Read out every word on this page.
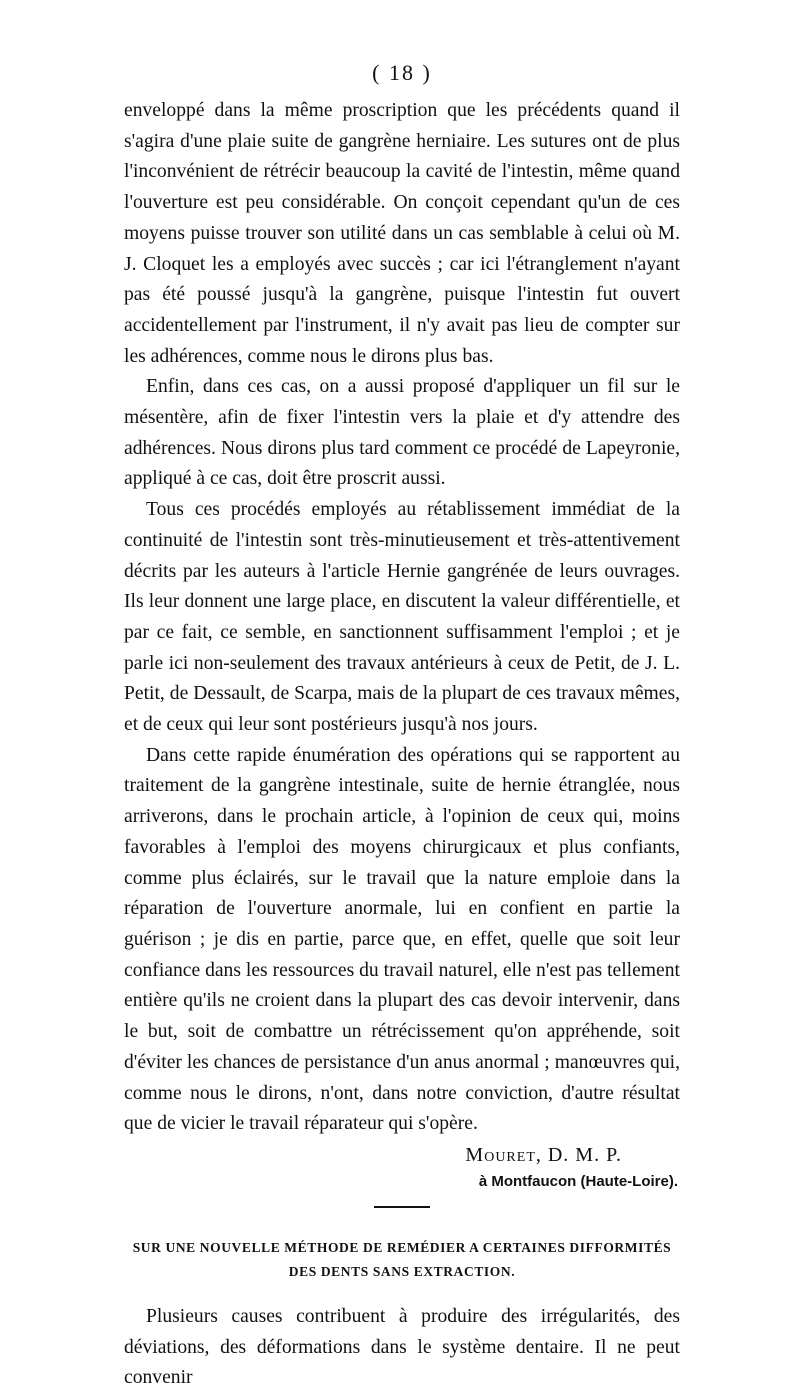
( 18 )

enveloppé dans la même proscription que les précédents quand il s'agira d'une plaie suite de gangrène herniaire. Les sutures ont de plus l'inconvénient de rétrécir beaucoup la cavité de l'intestin, même quand l'ouverture est peu considérable. On conçoit cependant qu'un de ces moyens puisse trouver son utilité dans un cas semblable à celui où M. J. Cloquet les a employés avec succès ; car ici l'étranglement n'ayant pas été poussé jusqu'à la gangrène, puisque l'intestin fut ouvert accidentellement par l'instrument, il n'y avait pas lieu de compter sur les adhérences, comme nous le dirons plus bas.

Enfin, dans ces cas, on a aussi proposé d'appliquer un fil sur le mésentère, afin de fixer l'intestin vers la plaie et d'y attendre des adhérences. Nous dirons plus tard comment ce procédé de Lapeyronie, appliqué à ce cas, doit être proscrit aussi.

Tous ces procédés employés au rétablissement immédiat de la continuité de l'intestin sont très-minutieusement et très-attentivement décrits par les auteurs à l'article Hernie gangrénée de leurs ouvrages. Ils leur donnent une large place, en discutent la valeur différentielle, et par ce fait, ce semble, en sanctionnent suffisamment l'emploi ; et je parle ici non-seulement des travaux antérieurs à ceux de Petit, de J. L. Petit, de Dessault, de Scarpa, mais de la plupart de ces travaux mêmes, et de ceux qui leur sont postérieurs jusqu'à nos jours.

Dans cette rapide énumération des opérations qui se rapportent au traitement de la gangrène intestinale, suite de hernie étranglée, nous arriverons, dans le prochain article, à l'opinion de ceux qui, moins favorables à l'emploi des moyens chirurgicaux et plus confiants, comme plus éclairés, sur le travail que la nature emploie dans la réparation de l'ouverture anormale, lui en confient en partie la guérison ; je dis en partie, parce que, en effet, quelle que soit leur confiance dans les ressources du travail naturel, elle n'est pas tellement entière qu'ils ne croient dans la plupart des cas devoir intervenir, dans le but, soit de combattre un rétrécissement qu'on appréhende, soit d'éviter les chances de persistance d'un anus anormal ; manœuvres qui, comme nous le dirons, n'ont, dans notre conviction, d'autre résultat que de vicier le travail réparateur qui s'opère.

Mouret, D. M. P.

à Montfaucon (Haute-Loire).

SUR UNE NOUVELLE MÉTHODE DE REMÉDIER A CERTAINES DIFFORMITÉS

DES DENTS SANS EXTRACTION.

Plusieurs causes contribuent à produire des irrégularités, des déviations, des déformations dans le système dentaire. Il ne peut convenir
